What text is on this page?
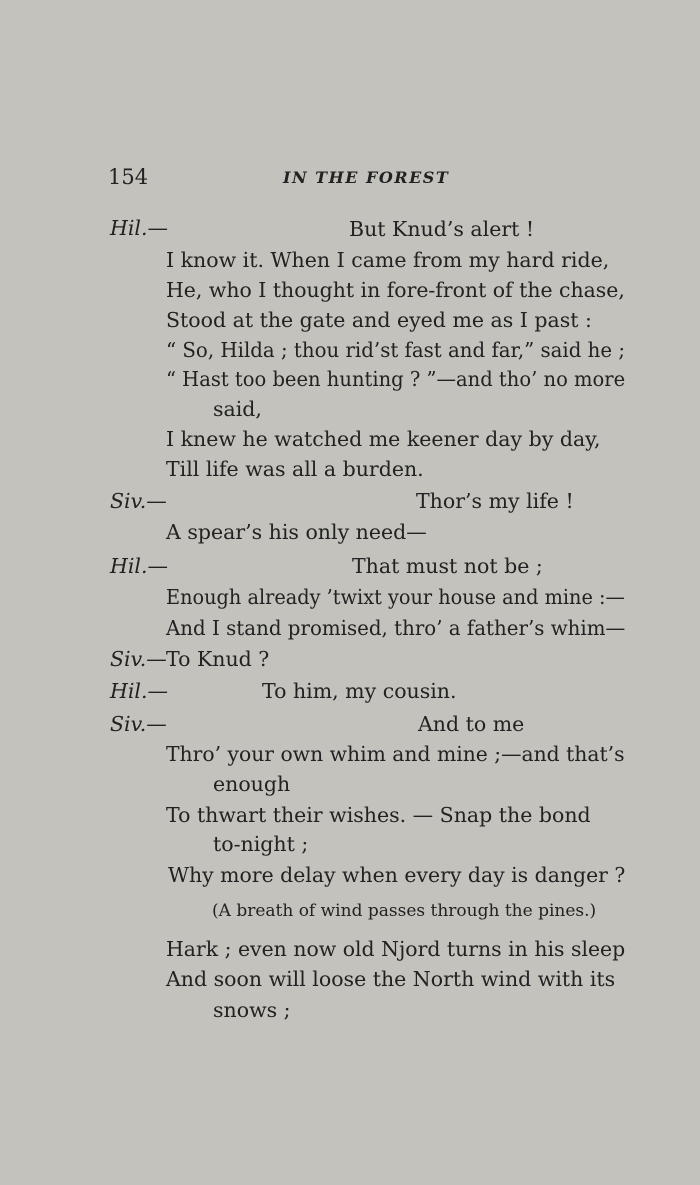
154	IN THE FOREST
Hil.—	But Knud’s alert !
I know it. When I came from my hard ride,
He, who I thought in fore-front of the chase,
Stood at the gate and eyed me as I past :
“ So, Hilda ; thou rid’st fast and far,” said he ;
“ Hast too been hunting ? ”—and tho’ no more
said,
I knew he watched me keener day by day,
Till life was all a burden.
Siv.—	Thor’s my life !
A spear’s his only need—
Hil.—	That must not be ;
Enough already ’twixt your house and mine :—
And I stand promised, thro’ a father’s whim—
Siv.— To Knud ?
Hil.—	To him, my cousin.
Siv.—	And to me
Thro’ your own whim and mine ;—and that’s
enough
To thwart their wishes. — Snap the bond
to-night ;
Why more delay when every day is danger ?
(A breath of wind passes through the pines.)
Hark ; even now old Njord turns in his sleep
And soon will loose the North wind with its
snows ;
